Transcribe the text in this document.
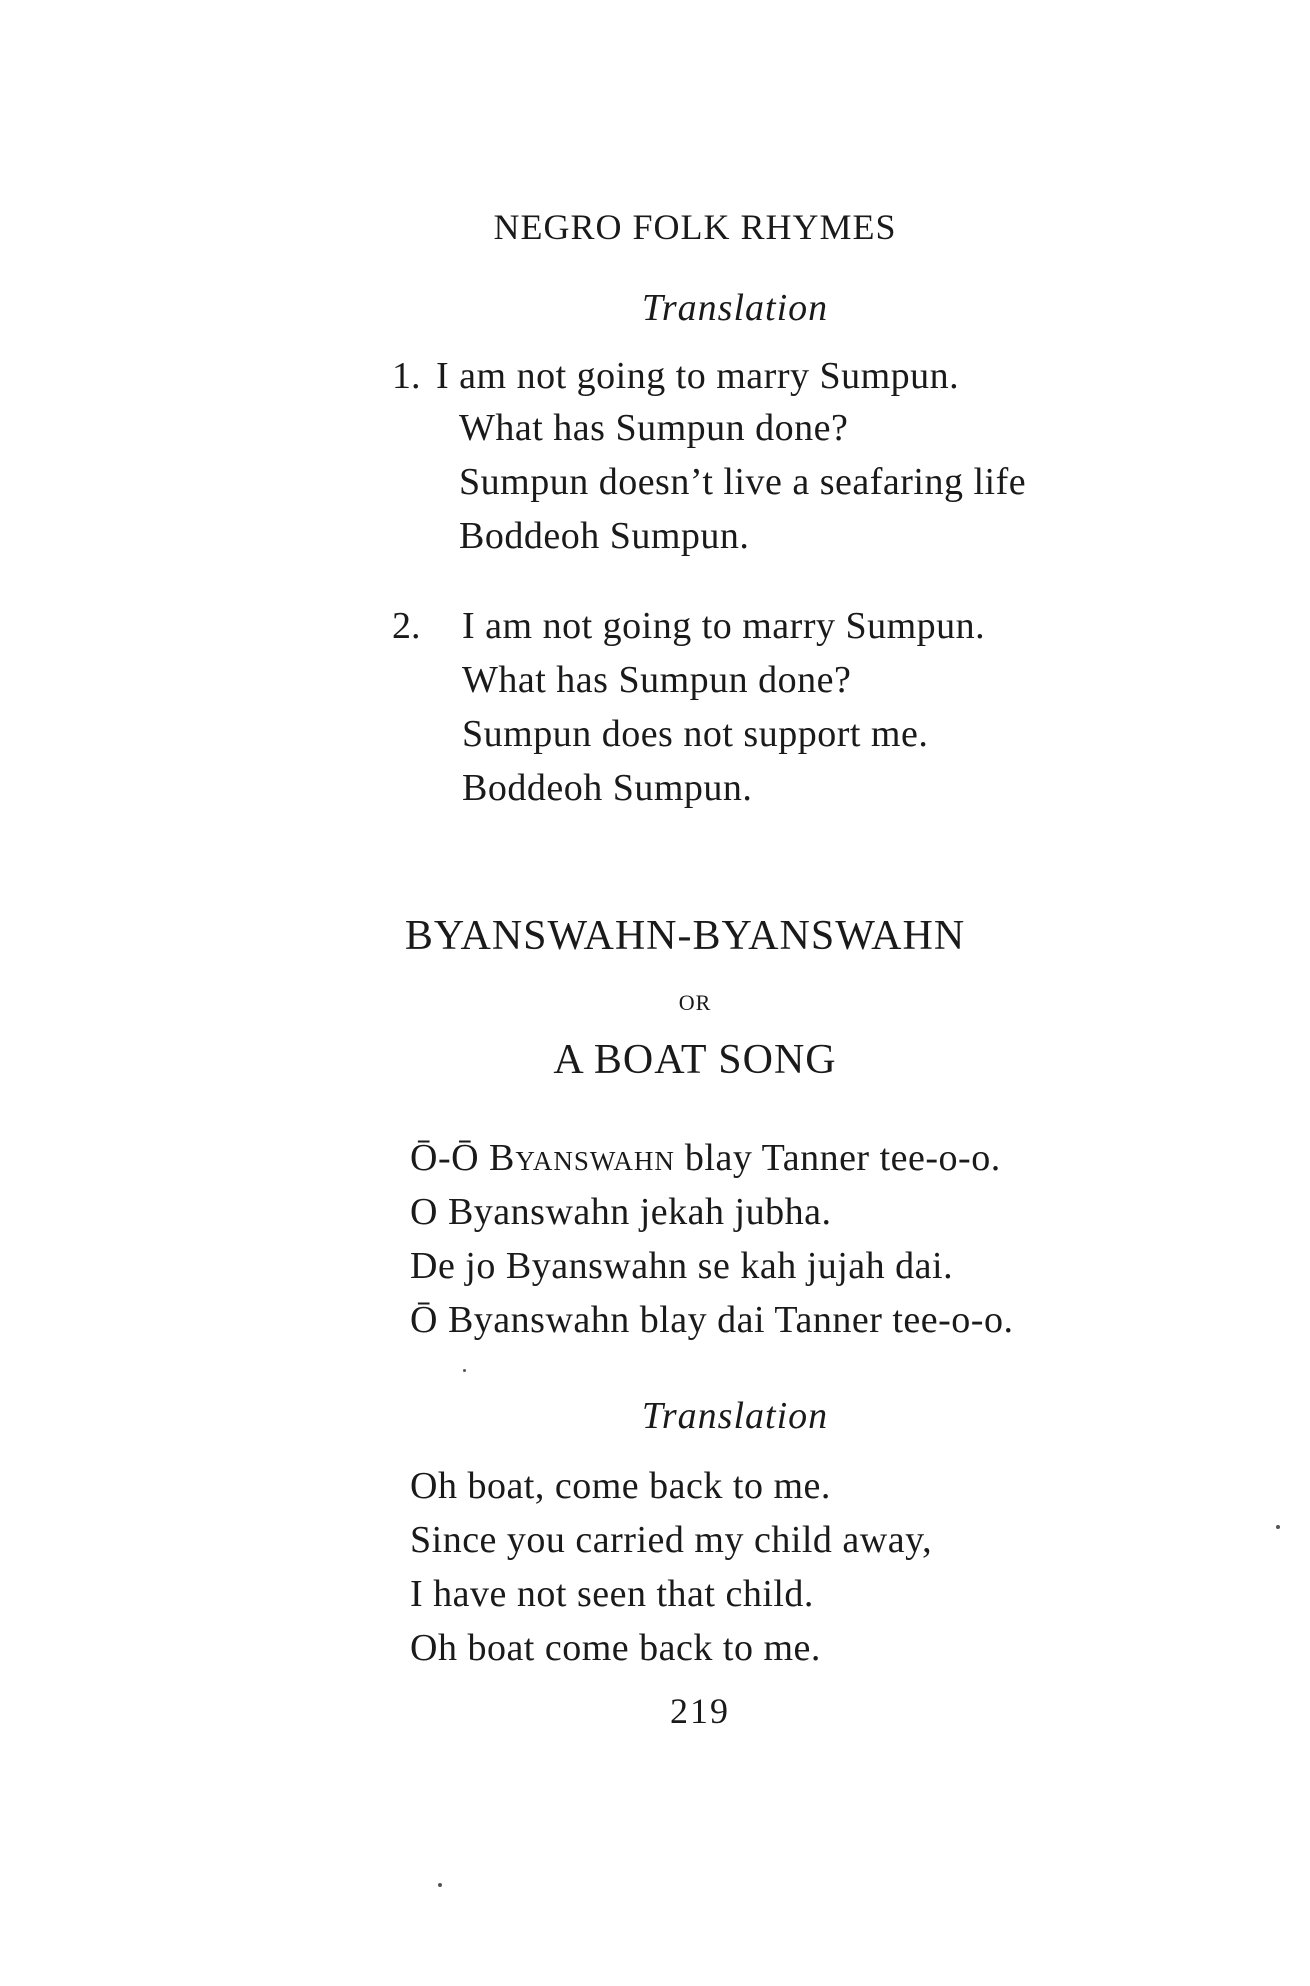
NEGRO FOLK RHYMES
Translation
1. I am not going to marry Sumpun.
What has Sumpun done?
Sumpun doesn’t live a seafaring life
Boddeoh Sumpun.
2. I am not going to marry Sumpun.
What has Sumpun done?
Sumpun does not support me.
Boddeoh Sumpun.
BYANSWAHN-BYANSWAHN
OR
A BOAT SONG
Ō-Ō Byanswahn blay Tanner tee-o-o.
O Byanswahn jekah jubha.
De jo Byanswahn se kah jujah dai.
Ō Byanswahn blay dai Tanner tee-o-o.
Translation
Oh boat, come back to me.
Since you carried my child away,
I have not seen that child.
Oh boat come back to me.
219
